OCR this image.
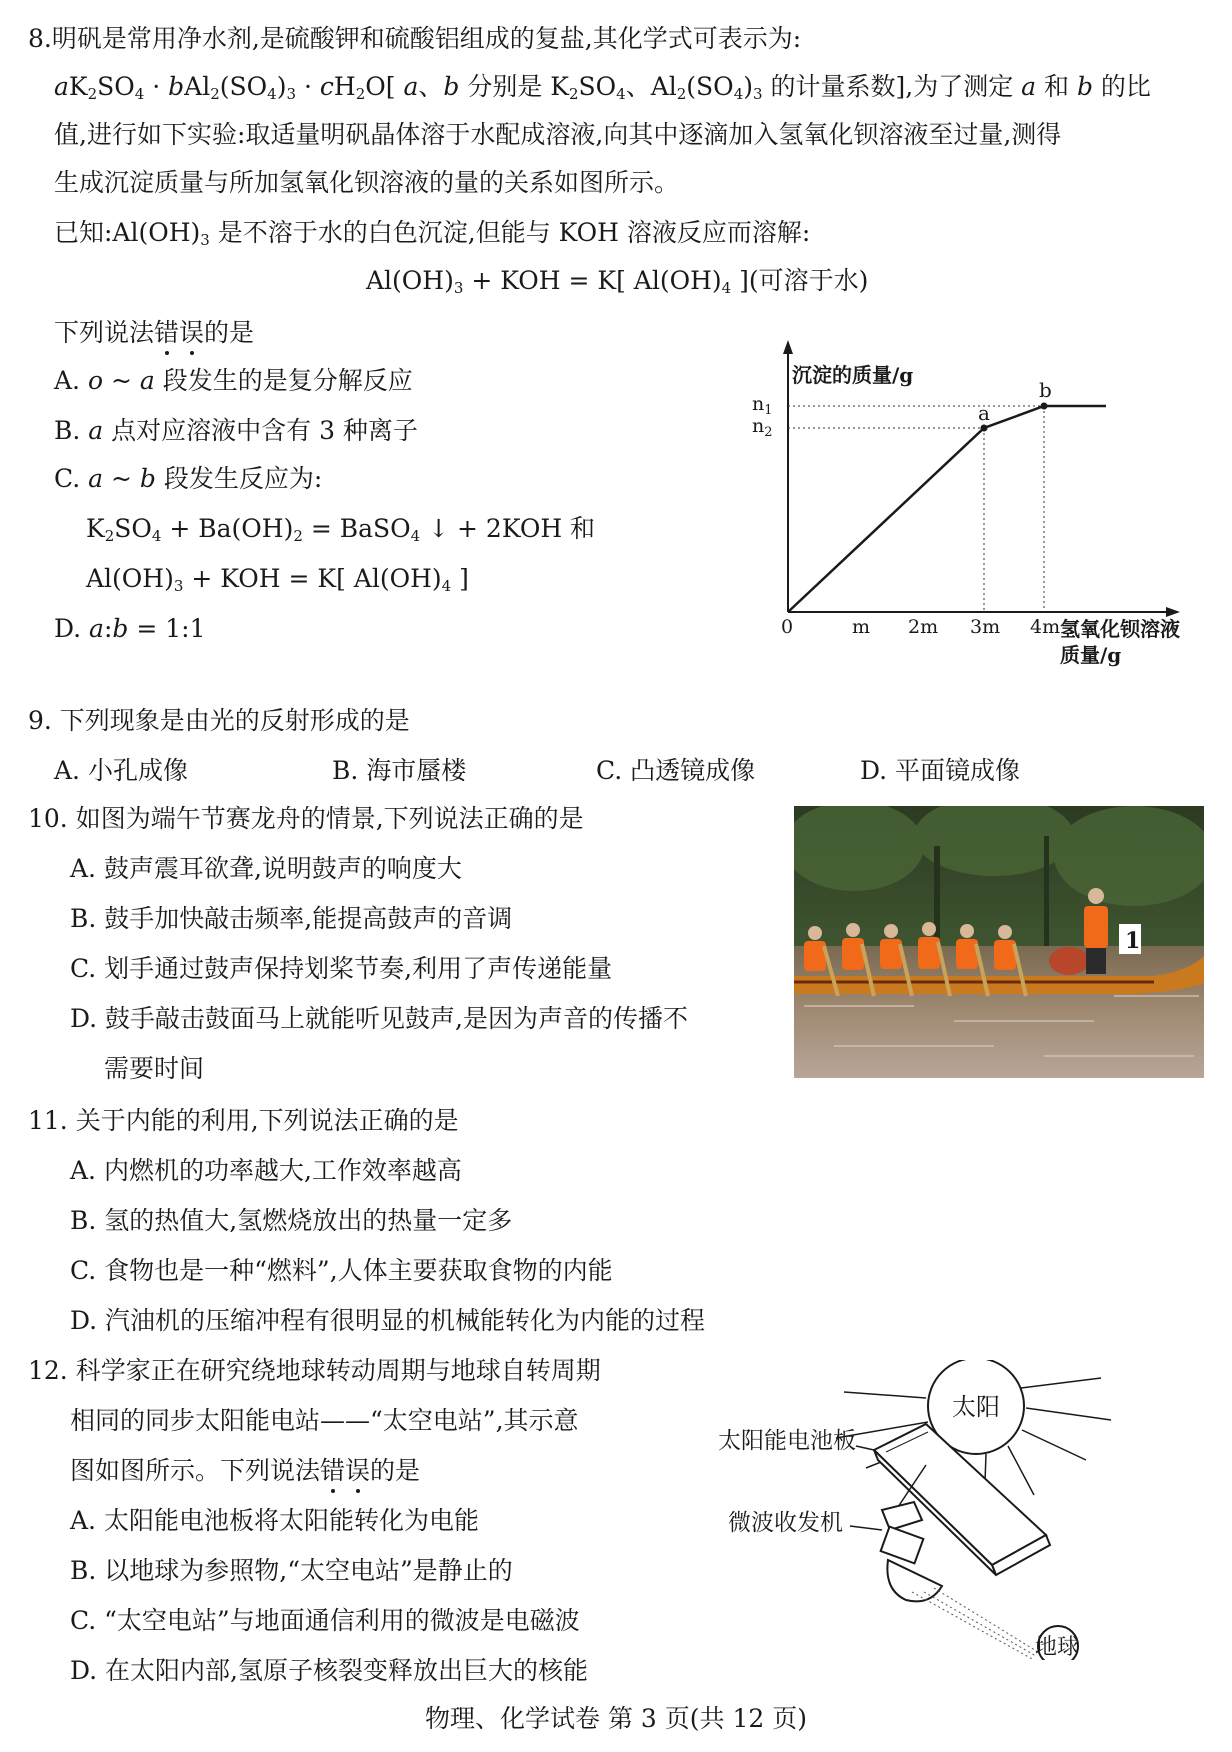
8.明矾是常用净水剂,是硫酸钾和硫酸铝组成的复盐,其化学式可表示为:
$aK_2SO_4 \cdot bAl_2(SO_4)_3 \cdot cH_2O$[ a、b 分别是 $K_2SO_4$、$Al_2(SO_4)_3$ 的计量系数],为了测定 a 和 b 的比
值,进行如下实验:取适量明矾晶体溶于水配成溶液,向其中逐滴加入氢氧化钡溶液至过量,测得
生成沉淀质量与所加氢氧化钡溶液的量的关系如图所示。
已知$:Al(OH)_3$ 是不溶于水的白色沉淀,但能与 KOH 溶液反应而溶解:
$Al(OH)_3$ + KOH = K[ $Al(OH)_4$ ](可溶于水)
下列说法错误的是
A. o ~ a 段发生的是复分解反应
B. a 点对应溶液中含有 3 种离子
C. a ~ b 段发生反应为:
$K_2SO_4 + Ba(OH)_2$ = BaSO$_4$ ↓ + 2KOH 和
$Al(OH)_3$ + KOH = K[ $Al(OH)_4$ ]
D. a:b = 1:1
沉淀的质量/g
氢氧化钡溶液
质量/g
$n_1$
$n_2$
a
b
0	m 2m 3m 4m
9. 下列现象是由光的反射形成的是
A. 小孔成像	B. 海市蜃楼	C. 凸透镜成像	D. 平面镜成像
10. 如图为端午节赛龙舟的情景,下列说法正确的是
A. 鼓声震耳欲聋,说明鼓声的响度大
B. 鼓手加快敲击频率,能提高鼓声的音调
C. 划手通过鼓声保持划桨节奏,利用了声传递能量
D. 鼓手敲击鼓面马上就能听见鼓声,是因为声音的传播不
需要时间
1
11. 关于内能的利用,下列说法正确的是
A. 内燃机的功率越大,工作效率越高
B. 氢的热值大,氢燃烧放出的热量一定多
C. 食物也是一种“燃料”,人体主要获取食物的内能
D. 汽油机的压缩冲程有很明显的机械能转化为内能的过程
12. 科学家正在研究绕地球转动周期与地球自转周期
相同的同步太阳能电站——“太空电站”,其示意
图如图所示。下列说法错误的是
A. 太阳能电池板将太阳能转化为电能
B. 以地球为参照物,“太空电站”是静止的
C. “太空电站”与地面通信利用的微波是电磁波
D. 在太阳内部,氢原子核裂变释放出巨大的核能
太阳
太阳能电池板
微波收发机
地球
物理、化学试卷 第 3 页(共 12 页)
